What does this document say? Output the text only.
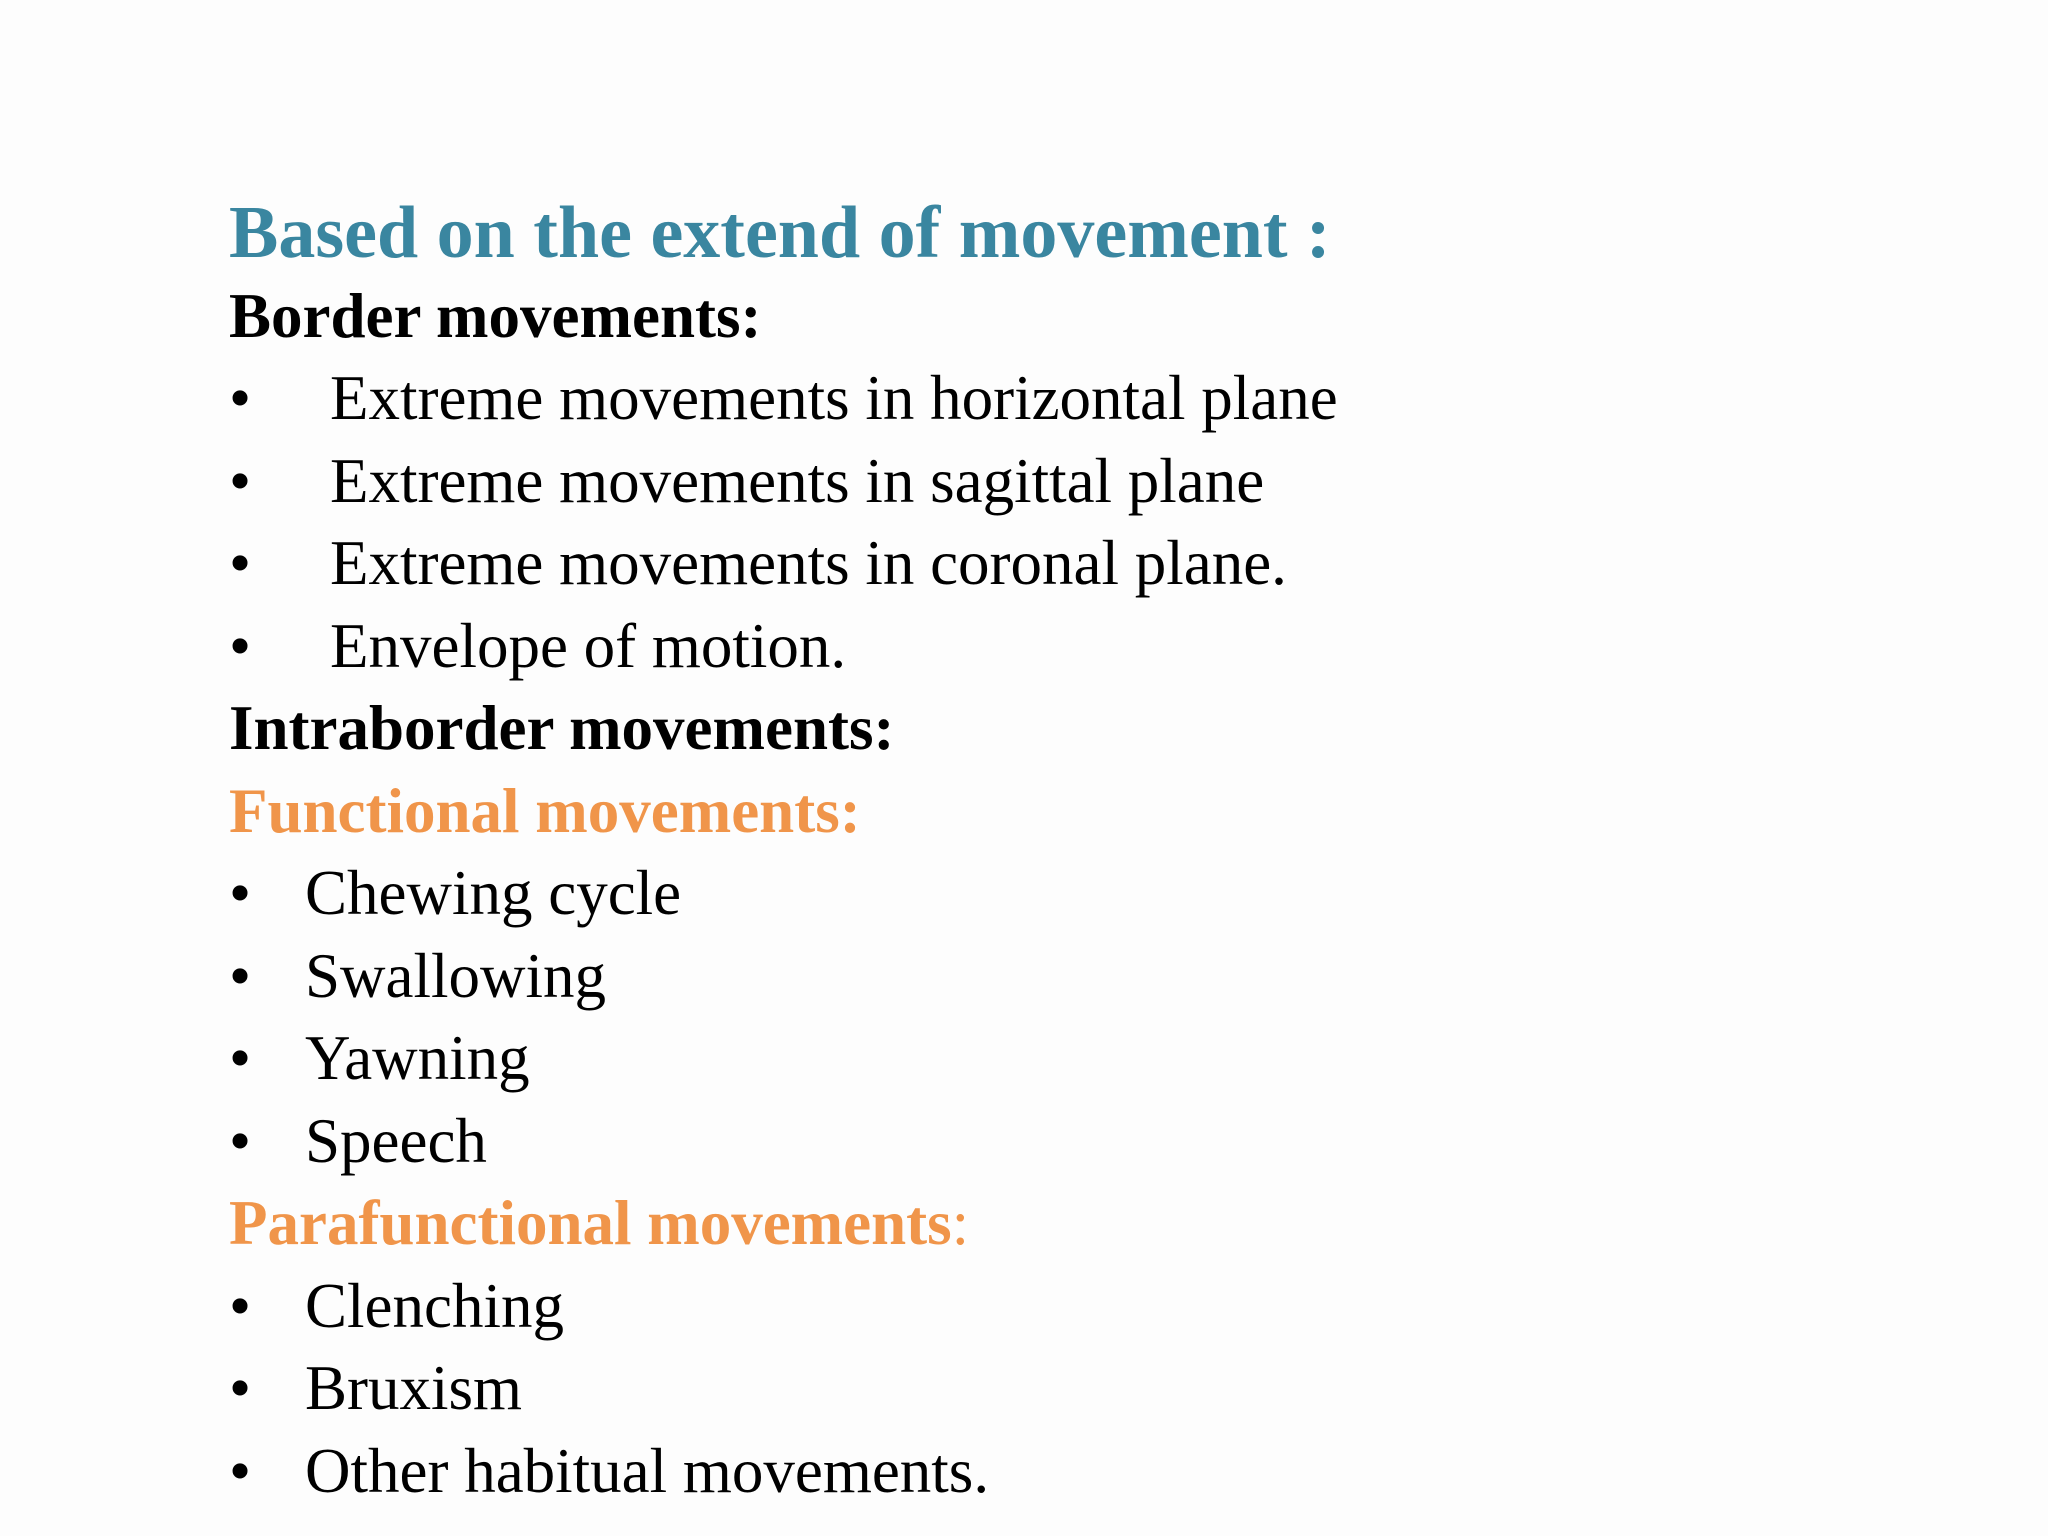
Based on the extend of movement :
Border movements:
• Extreme movements in horizontal plane
• Extreme movements in sagittal plane
• Extreme movements in coronal plane.
• Envelope of motion.
Intraborder movements:
Functional movements:
• Chewing cycle
• Swallowing
• Yawning
• Speech
Parafunctional movements:
• Clenching
• Bruxism
• Other habitual movements.
